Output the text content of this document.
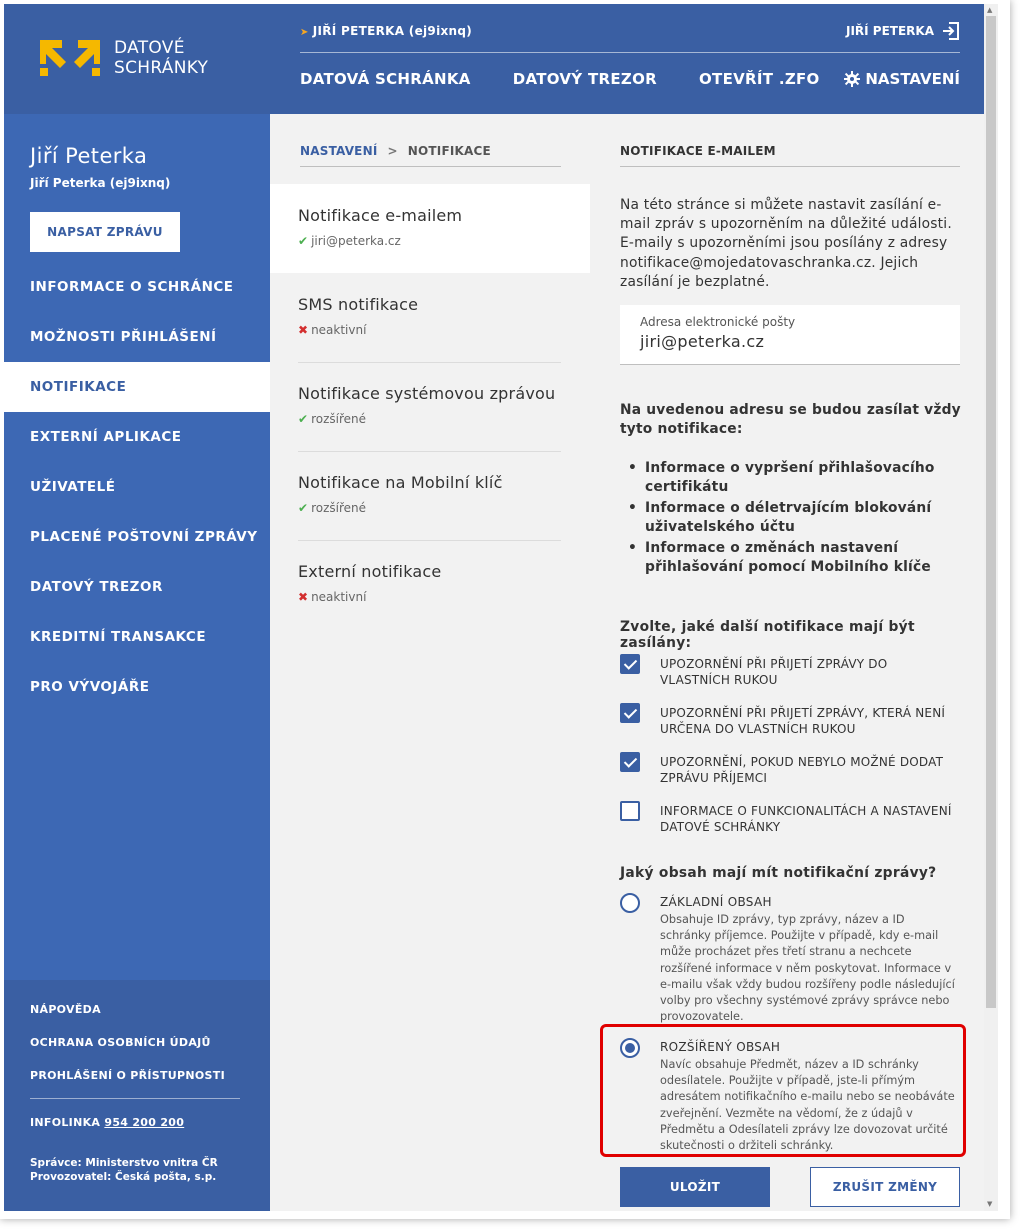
DATOVÉ
SCHRÁNKY
➤ JIŘÍ PETERKA (ej9ixnq)	JIŘÍ PETERKA
DATOVÁ SCHRÁNKA	DATOVÝ TREZOR	OTEVŘÍT .ZFO	NASTAVENÍ
Jiří Peterka
Jiří Peterka (ej9ixnq)
NAPSAT ZPRÁVU
INFORMACE O SCHRÁNCE
MOŽNOSTI PŘIHLÁŠENÍ
NOTIFIKACE
EXTERNÍ APLIKACE
UŽIVATELÉ
PLACENÉ POŠTOVNÍ ZPRÁVY
DATOVÝ TREZOR
KREDITNÍ TRANSAKCE
PRO VÝVOJÁŘE
NÁPOVĚDA
OCHRANA OSOBNÍCH ÚDAJŮ
PROHLÁŠENÍ O PŘÍSTUPNOSTI
INFOLINKA 954 200 200
Správce: Ministerstvo vnitra ČR
Provozovatel: Česká pošta, s.p.
NASTAVENÍ > NOTIFIKACE
Notifikace e-mailem
✔ jiri@peterka.cz
SMS notifikace
✖ neaktivní
Notifikace systémovou zprávou
✔ rozšířené
Notifikace na Mobilní klíč
✔ rozšířené
Externí notifikace
✖ neaktivní
NOTIFIKACE E-MAILEM
Na této stránce si můžete nastavit zasílání e-mail zpráv s upozorněním na důležité události. E-maily s upozorněními jsou posílány z adresy notifikace@mojedatovaschranka.cz. Jejich zasílání je bezplatné.
Adresa elektronické pošty
jiri@peterka.cz
Na uvedenou adresu se budou zasílat vždy tyto notifikace:
• Informace o vypršení přihlašovacího certifikátu
• Informace o déletrvajícím blokování uživatelského účtu
• Informace o změnách nastavení přihlašování pomocí Mobilního klíče
Zvolte, jaké další notifikace mají být zasílány:
UPOZORNĚNÍ PŘI PŘIJETÍ ZPRÁVY DO VLASTNÍCH RUKOU
UPOZORNĚNÍ PŘI PŘIJETÍ ZPRÁVY, KTERÁ NENÍ URČENA DO VLASTNÍCH RUKOU
UPOZORNĚNÍ, POKUD NEBYLO MOŽNÉ DODAT ZPRÁVU PŘÍJEMCI
INFORMACE O FUNKCIONALITÁCH A NASTAVENÍ DATOVÉ SCHRÁNKY
Jaký obsah mají mít notifikační zprávy?
ZÁKLADNÍ OBSAH
Obsahuje ID zprávy, typ zprávy, název a ID schránky příjemce. Použijte v případě, kdy e-mail může procházet přes třetí stranu a nechcete rozšířené informace v něm poskytovat. Informace v e-mailu však vždy budou rozšířeny podle následující volby pro všechny systémové zprávy správce nebo provozovatele.
ROZŠÍŘENÝ OBSAH
Navíc obsahuje Předmět, název a ID schránky odesílatele. Použijte v případě, jste-li přímým adresátem notifikačního e-mailu nebo se neobáváte zveřejnění. Vezměte na vědomí, že z údajů v Předmětu a Odesílateli zprávy lze dovozovat určité skutečnosti o držiteli schránky.
ULOŽIT	ZRUŠIT ZMĚNY
▲
▼
